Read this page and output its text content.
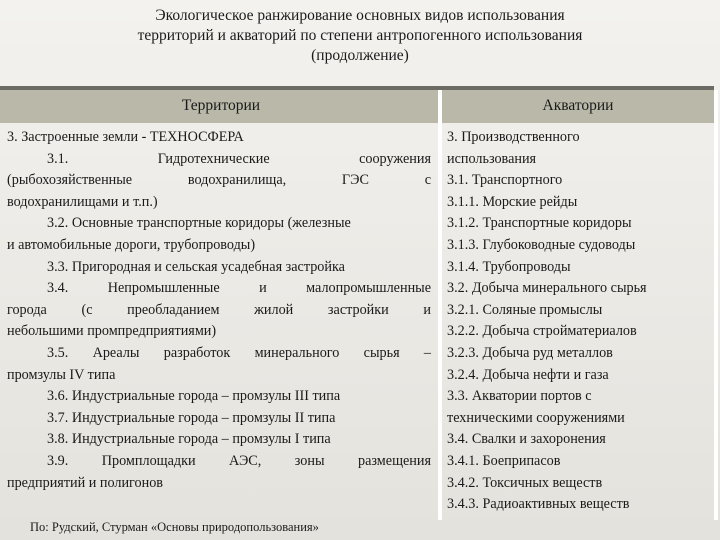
Экологическое ранжирование основных видов использования
территорий и акваторий по степени антропогенного использования
(продолжение)
Территории	Акватории
3. Застроенные земли - ТЕХНОСФЕРА
3.1. Гидротехнические сооружения
(рыбохозяйственные водохранилища, ГЭС с
водохранилищами и т.п.)
3.2. Основные транспортные коридоры (железные
и автомобильные дороги, трубопроводы)
3.3. Пригородная и сельская усадебная застройка
3.4. Непромышленные и малопромышленные
города (с преобладанием жилой застройки и
небольшими промпредприятиями)
3.5. Ареалы разработок минерального сырья –
промзулы IV типа
3.6. Индустриальные города – промзулы III типа
3.7. Индустриальные города – промзулы II типа
3.8. Индустриальные города – промзулы I типа
3.9. Промплощадки АЭС, зоны размещения
предприятий и полигонов
3. Производственного
использования
3.1. Транспортного
3.1.1. Морские рейды
3.1.2. Транспортные коридоры
3.1.3. Глубоководные судоводы
3.1.4. Трубопроводы
3.2. Добыча минерального сырья
3.2.1. Соляные промыслы
3.2.2. Добыча стройматериалов
3.2.3. Добыча руд металлов
3.2.4. Добыча нефти и газа
3.3. Акватории портов с
техническими сооружениями
3.4. Свалки и захоронения
3.4.1. Боеприпасов
3.4.2. Токсичных веществ
3.4.3. Радиоактивных веществ
По: Рудский, Стурман «Основы природопользования»
